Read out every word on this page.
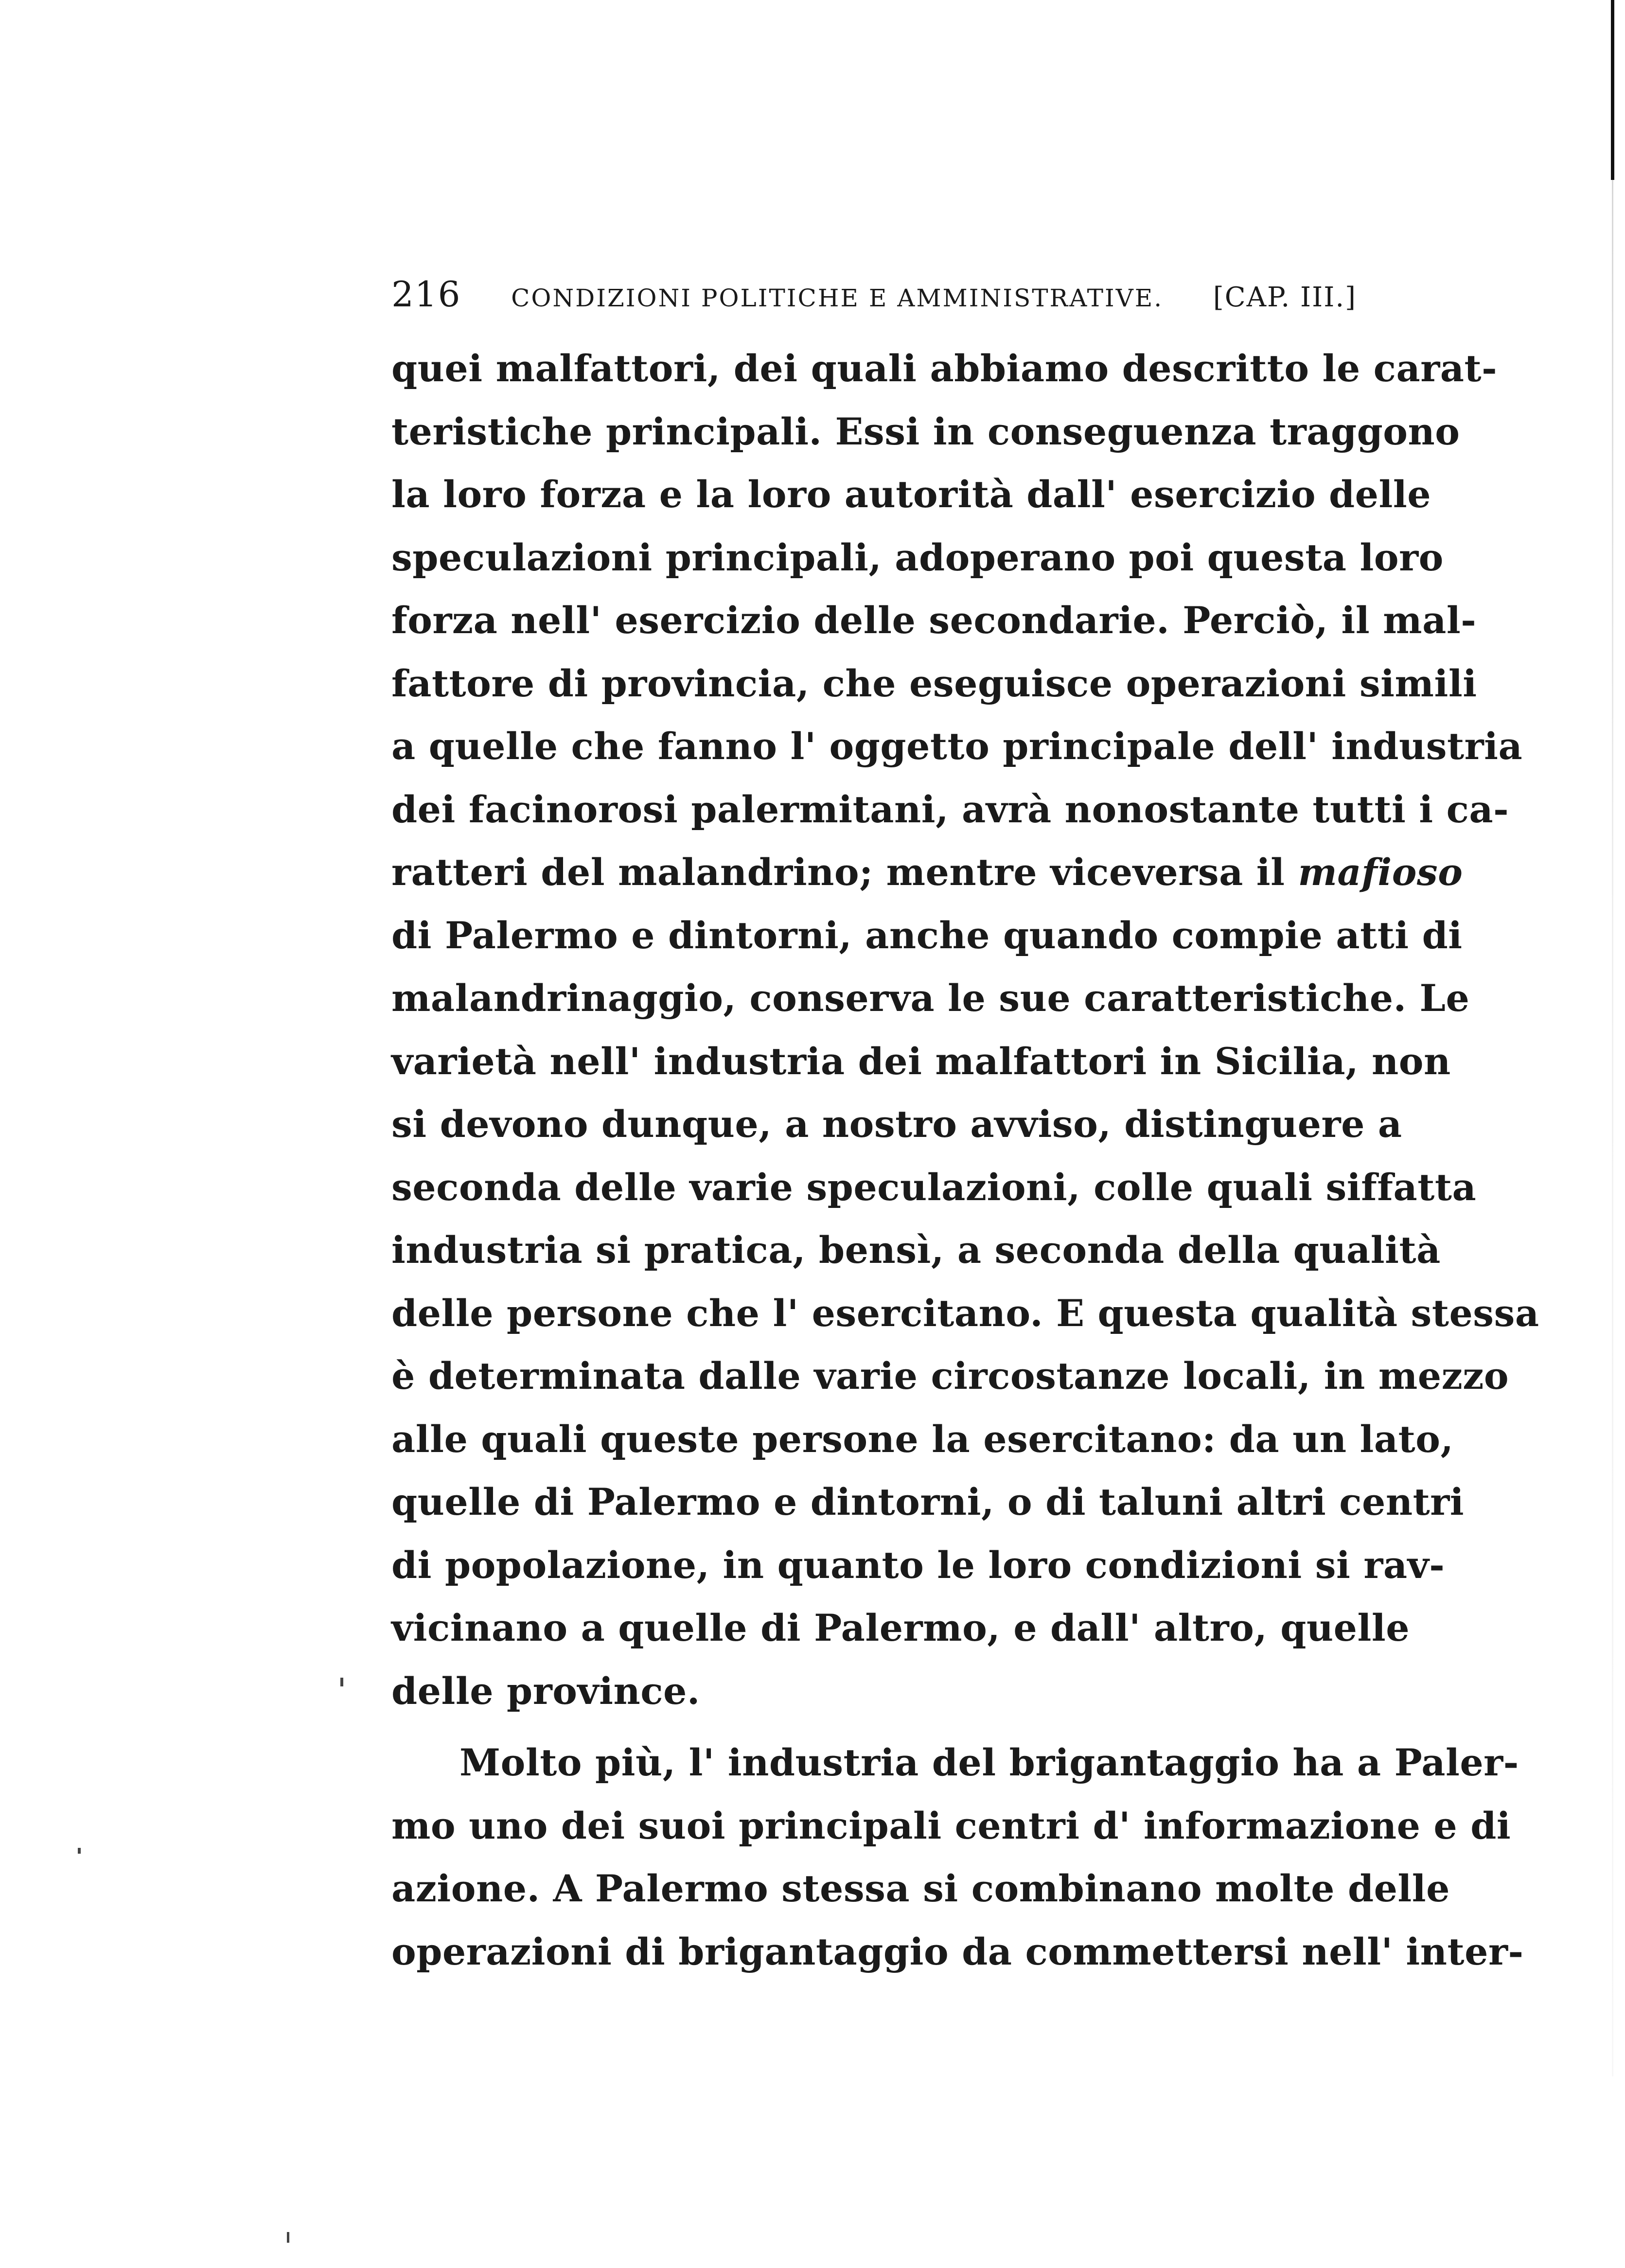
216 CONDIZIONI POLITICHE E AMMINISTRATIVE. [CAP. III.]
quei malfattori, dei quali abbiamo descritto le carat-
teristiche principali. Essi in conseguenza traggono
la loro forza e la loro autorità dall' esercizio delle
speculazioni principali, adoperano poi questa loro
forza nell' esercizio delle secondarie. Perciò, il mal-
fattore di provincia, che eseguisce operazioni simili
a quelle che fanno l' oggetto principale dell' industria
dei facinorosi palermitani, avrà nonostante tutti i ca-
ratteri del malandrino; mentre viceversa il mafioso
di Palermo e dintorni, anche quando compie atti di
malandrinaggio, conserva le sue caratteristiche. Le
varietà nell' industria dei malfattori in Sicilia, non
si devono dunque, a nostro avviso, distinguere a
seconda delle varie speculazioni, colle quali siffatta
industria si pratica, bensì, a seconda della qualità
delle persone che l' esercitano. E questa qualità stessa
è determinata dalle varie circostanze locali, in mezzo
alle quali queste persone la esercitano: da un lato,
quelle di Palermo e dintorni, o di taluni altri centri
di popolazione, in quanto le loro condizioni si rav-
vicinano a quelle di Palermo, e dall' altro, quelle
delle province.
Molto più, l' industria del brigantaggio ha a Paler-
mo uno dei suoi principali centri d' informazione e di
azione. A Palermo stessa si combinano molte delle
operazioni di brigantaggio da commettersi nell' inter-
